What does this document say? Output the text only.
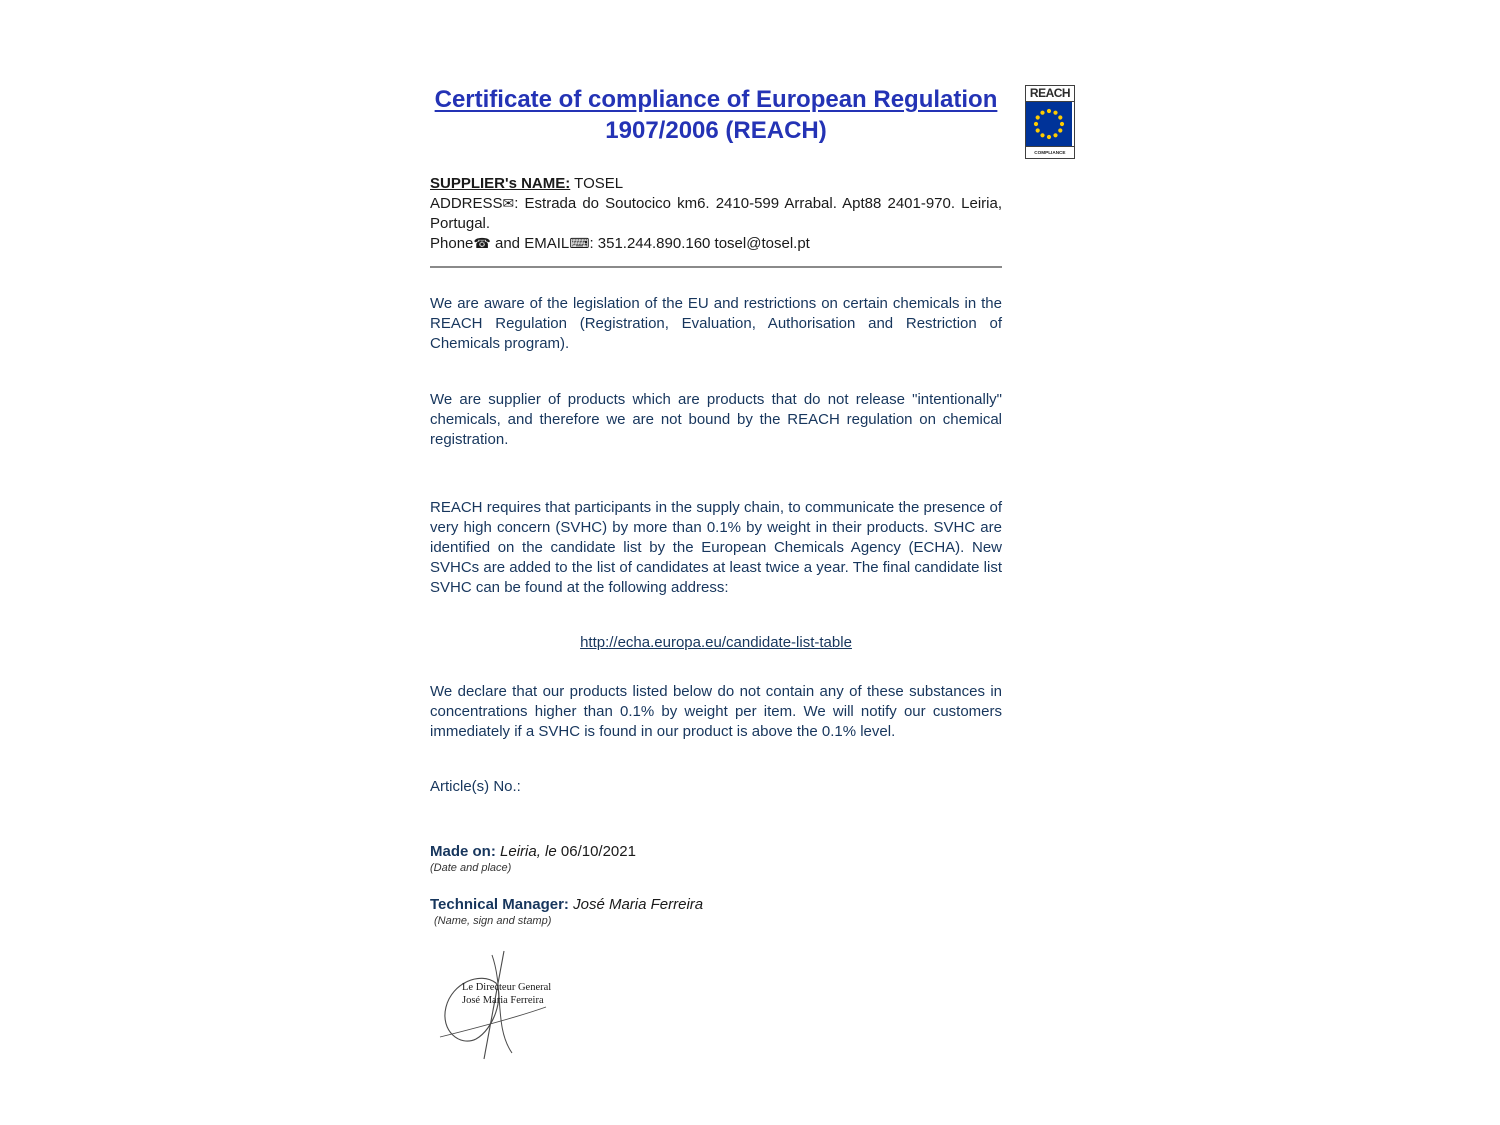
REACH
COMPLIANCE
Certificate of compliance of European Regulation
1907/2006 (REACH)
SUPPLIER's NAME: TOSEL
ADDRESS✉: Estrada do Soutocico km6. 2410-599 Arrabal. Apt88 2401-970. Leiria, Portugal.
Phone☎ and EMAIL⌨: 351.244.890.160 tosel@tosel.pt

We are aware of the legislation of the EU and restrictions on certain chemicals in the REACH Regulation (Registration, Evaluation, Authorisation and Restriction of Chemicals program).

We are supplier of products which are products that do not release "intentionally" chemicals, and therefore we are not bound by the REACH regulation on chemical registration.

REACH requires that participants in the supply chain, to communicate the presence of very high concern (SVHC) by more than 0.1% by weight in their products. SVHC are identified on the candidate list by the European Chemicals Agency (ECHA). New SVHCs are added to the list of candidates at least twice a year. The final candidate list SVHC can be found at the following address:

http://echa.europa.eu/candidate-list-table

We declare that our products listed below do not contain any of these substances in concentrations higher than 0.1% by weight per item. We will notify our customers immediately if a SVHC is found in our product is above the 0.1% level.

Article(s) No.:

Made on: Leiria, le 06/10/2021
(Date and place)
Technical Manager: José Maria Ferreira
(Name, sign and stamp)
Le Directeur General
José Maria Ferreira
